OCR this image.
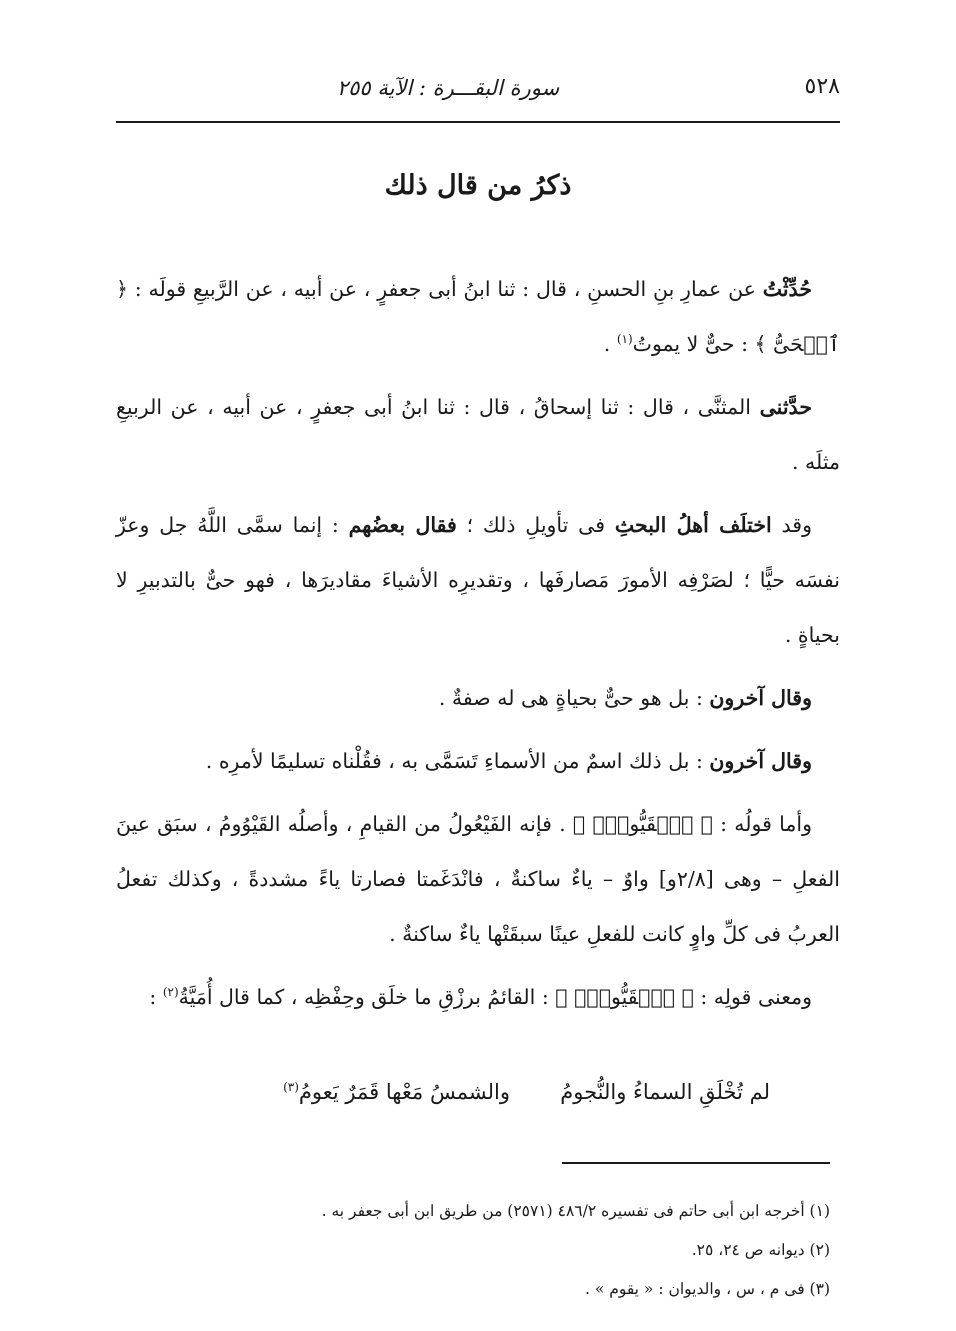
٥٢٨
سورة البقـــرة : الآية ٢٥٥
ذكرُ من قال ذلك

حُدِّثْتُ عن عمارِ بنِ الحسنِ ، قال : ثنا ابنُ أبى جعفرٍ ، عن أبيه ، عن الرَّبيعِ قولَه : ﴿ ٱلۡحَىُّ ﴾ : حىٌّ لا يموتُ$^{(١)}$ .

حدَّثنى المثنَّى ، قال : ثنا إسحاقُ ، قال : ثنا ابنُ أبى جعفرٍ ، عن أبيه ، عن الربيعِ مثلَه .

وقد اختلَف أهلُ البحثِ فى تأويلِ ذلك ؛ فقال بعضُهم : إنما سمَّى اللَّهُ جل وعزّ نفسَه حيًّا ؛ لصَرْفِه الأمورَ مَصارفَها ، وتقديرِه الأشياءَ مقاديرَها ، فهو حىٌّ بالتدبيرِ لا بحياةٍ .

وقال آخرون : بل هو حىٌّ بحياةٍ هى له صفةٌ .

وقال آخرون : بل ذلك اسمٌ من الأسماءِ تَسَمَّى به ، فقُلْناه تسليمًا لأمرِه .

وأما قولُه : ﴿ ٱلۡقَيُّومُۚ ﴾ . فإنه الفَيْعُولُ من القيامِ ، وأصلُه القَيْوُومُ ، سبَق عينَ الفعلِ – وهى [٢/٨و] واوٌ – ياءٌ ساكنةٌ ، فانْدَغَمتا فصارتا ياءً مشددةً ، وكذلك تفعلُ العربُ فى كلِّ واوٍ كانت للفعلِ عينًا سبقَتْها ياءٌ ساكنةٌ .

ومعنى قولِه : ﴿ ٱلۡقَيُّومُۚ ﴾ : القائمُ برزْقِ ما خلَق وحِفْظِه ، كما قال أُمَيَّةُ$^{(٢)}$ :

لم تُخْلَقِ السماءُ والنُّجومُ
والشمسُ مَعْها قَمَرٌ يَعومُ$^{(٣)}$

(١) أخرجه ابن أبى حاتم فى تفسيره ٤٨٦/٢ (٢٥٧١) من طريق ابن أبى جعفر به .

(٢) ديوانه ص ٢٤، ٢٥.

(٣) فى م ، س ، والديوان : « يقوم » .
